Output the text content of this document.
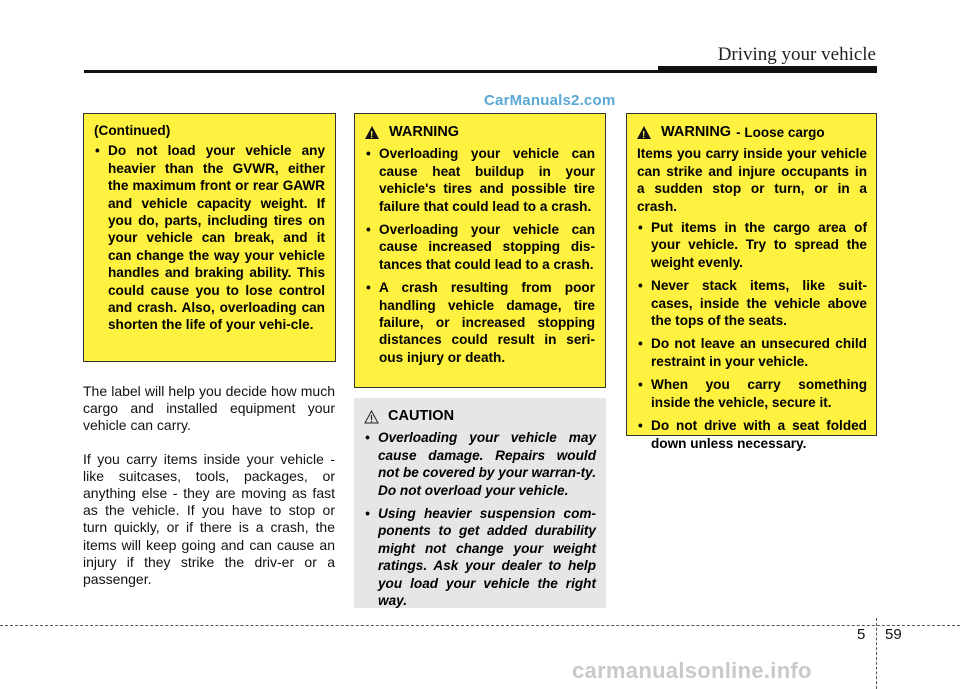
Driving your vehicle
CarManuals2.com
(Continued)
• Do not load your vehicle any heavier than the GVWR, either the maximum front or rear GAWR and vehicle capacity weight. If you do, parts, including tires on your vehicle can break, and it can change the way your vehicle handles and braking ability. This could cause you to lose control and crash. Also, overloading can shorten the life of your vehi-cle.

The label will help you decide how much cargo and installed equipment your vehicle can carry.

If you carry items inside your vehicle - like suitcases, tools, packages, or anything else - they are moving as fast as the vehicle. If you have to stop or turn quickly, or if there is a crash, the items will keep going and can cause an injury if they strike the driv-er or a passenger.

!
WARNING
• Overloading your vehicle can cause heat buildup in your vehicle's tires and possible tire failure that could lead to a crash.
• Overloading your vehicle can cause increased stopping dis-tances that could lead to a crash.
• A crash resulting from poor handling vehicle damage, tire failure, or increased stopping distances could result in seri-ous injury or death.
CAUTION
• Overloading your vehicle may cause damage. Repairs would not be covered by your warran-ty. Do not overload your vehicle.
• Using heavier suspension com-ponents to get added durability might not change your weight ratings. Ask your dealer to help you load your vehicle the right way.
!
WARNING - Loose cargo

Items you carry inside your vehicle can strike and injure occupants in a sudden stop or turn, or in a crash.

• Put items in the cargo area of your vehicle. Try to spread the weight evenly.
• Never stack items, like suit-cases, inside the vehicle above the tops of the seats.
• Do not leave an unsecured child restraint in your vehicle.
• When you carry something inside the vehicle, secure it.
• Do not drive with a seat folded down unless necessary.
5 59
carmanualsonline.info
